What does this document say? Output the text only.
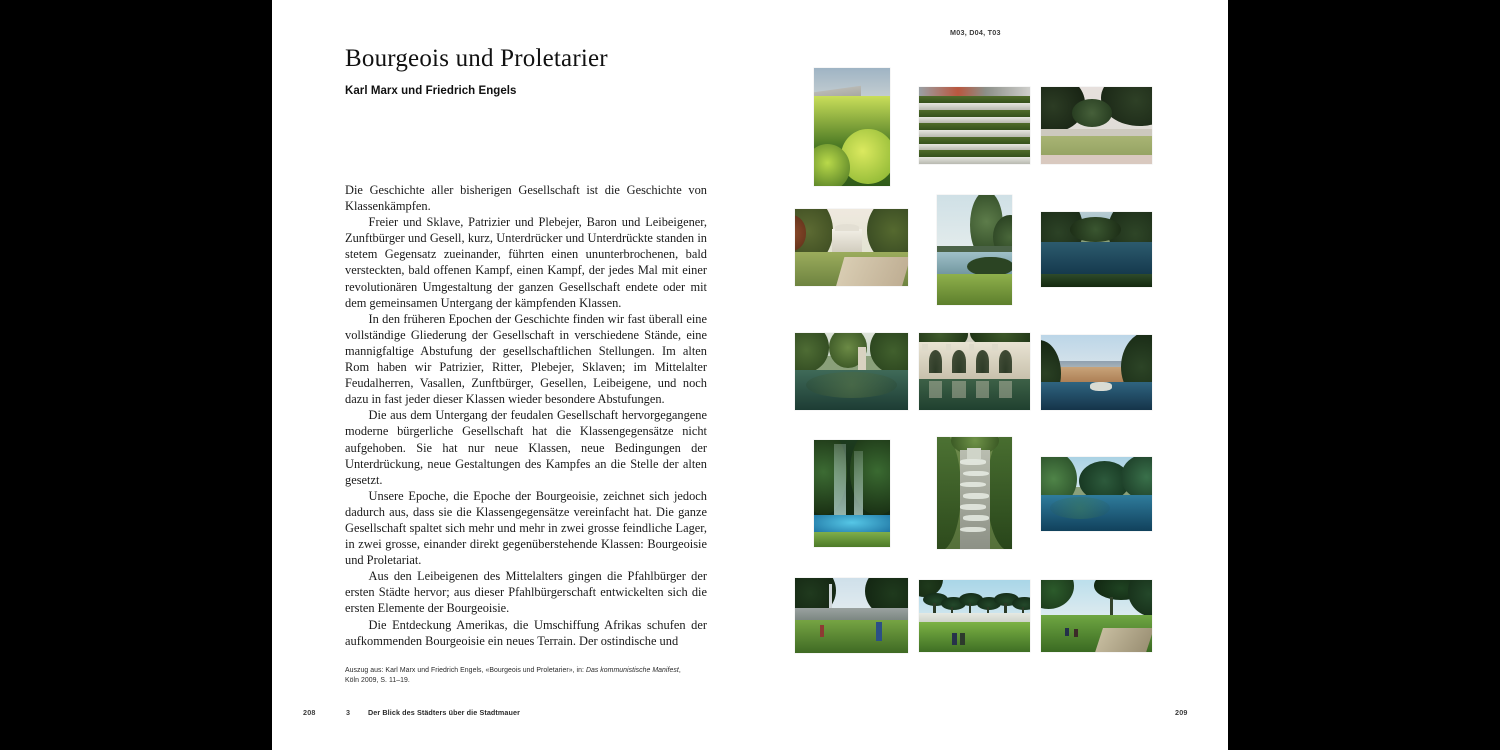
M03, D04, T03
Bourgeois und Proletarier
Karl Marx und Friedrich Engels

Die Geschichte aller bisherigen Gesellschaft ist die Geschichte von Klassenkämpfen.

Freier und Sklave, Patrizier und Plebejer, Baron und Leibeigener, Zunftbürger und Gesell, kurz, Unterdrücker und Unterdrückte standen in stetem Gegensatz zueinander, führten einen ununterbrochenen, bald versteckten, bald offenen Kampf, einen Kampf, der jedes Mal mit einer revolutionären Umgestaltung der ganzen Gesellschaft endete oder mit dem gemeinsamen Untergang der kämpfenden Klassen.

In den früheren Epochen der Geschichte finden wir fast überall eine vollständige Gliederung der Gesellschaft in verschiedene Stände, eine mannigfaltige Abstufung der gesellschaftlichen Stellungen. Im alten Rom haben wir Patrizier, Ritter, Plebejer, Sklaven; im Mittelalter Feudalherren, Vasallen, Zunftbürger, Gesellen, Leibeigene, und noch dazu in fast jeder dieser Klassen wieder besondere Abstufungen.

Die aus dem Untergang der feudalen Gesellschaft hervorgegangene moderne bürgerliche Gesellschaft hat die Klassengegensätze nicht aufgehoben. Sie hat nur neue Klassen, neue Bedingungen der Unterdrückung, neue Gestaltungen des Kampfes an die Stelle der alten gesetzt.

Unsere Epoche, die Epoche der Bourgeoisie, zeichnet sich jedoch dadurch aus, dass sie die Klassengegensätze vereinfacht hat. Die ganze Gesellschaft spaltet sich mehr und mehr in zwei grosse feindliche Lager, in zwei grosse, einander direkt gegenüberstehende Klassen: Bourgeoisie und Proletariat.

Aus den Leibeigenen des Mittelalters gingen die Pfahlbürger der ersten Städte hervor; aus dieser Pfahlbürgerschaft entwickelten sich die ersten Elemente der Bourgeoisie.

Die Entdeckung Amerikas, die Umschiffung Afrikas schufen der aufkommenden Bourgeoisie ein neues Terrain. Der ostindische und

Auszug aus: Karl Marx und Friedrich Engels, «Bourgeois und Proletarier», in: Das kommunistische Manifest, Köln 2009, S. 11–19.
208	3 Der Blick des Städters über die Stadtmauer	209
